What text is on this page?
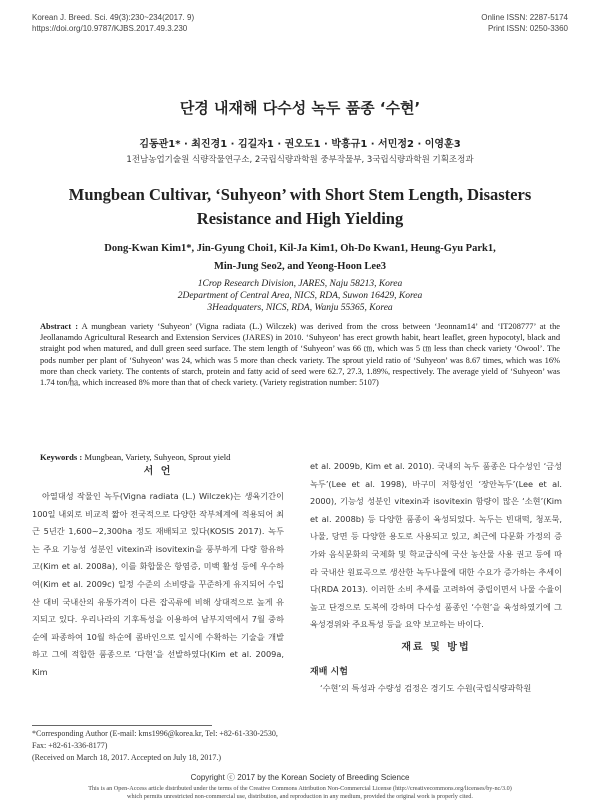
Korean J. Breed. Sci. 49(3):230~234(2017. 9)
https://doi.org/10.9787/KJBS.2017.49.3.230
Online ISSN: 2287-5174
Print ISSN: 0250-3360
단경 내재해 다수성 녹두 품종 ‘수현’
김동관1* · 최진경1 · 김길자1 · 권오도1 · 박흥규1 · 서민정2 · 이영훈3
1전남농업기술원 식량작물연구소, 2국립식량과학원 중부작물부, 3국립식량과학원 기획조정과
Mungbean Cultivar, ‘Suhyeon’ with Short Stem Length, Disasters Resistance and High Yielding
Dong-Kwan Kim1*, Jin-Gyung Choi1, Kil-Ja Kim1, Oh-Do Kwan1, Heung-Gyu Park1,
Min-Jung Seo2, and Yeong-Hoon Lee3
1Crop Research Division, JARES, Naju 58213, Korea
2Department of Central Area, NICS, RDA, Suwon 16429, Korea
3Headquaters, NICS, RDA, Wanju 55365, Korea
Abstract : A mungbean variety ‘Suhyeon’ (Vigna radiata (L.) Wilczek) was derived from the cross between ‘Jeonnam14’ and ‘IT208777’ at the Jeollanamdo Agricultural Research and Extension Services (JARES) in 2010. ‘Suhyeon’ has erect growth habit, heart leaflet, green hypocotyl, black and straight pod when matured, and dull green seed surface. The stem length of ‘Suhyeon’ was 66 ㎝, which was 5 ㎝ less than check variety ‘Owool’. The pods number per plant of ‘Suhyeon’ was 24, which was 5 more than check variety. The sprout yield ratio of ‘Suhyeon’ was 8.67 times, which was 16% more than check variety. The contents of starch, protein and fatty acid of seed were 62.7, 27.3, 1.89%, respectively. The average yield of ‘Suhyeon’ was 1.74 ton/㏊, which increased 8% more than that of check variety. (Variety registration number: 5107)
Keywords : Mungbean, Variety, Suhyeon, Sprout yield
서 언
아열대성 작물인 녹두(Vigna radiata (L.) Wilczek)는 생육기간이 100일 내외로 비교적 짧아 전국적으로 다양한 작부체계에 적용되어 최근 5년간 1,600~2,300ha 정도 재배되고 있다(KOSIS 2017). 녹두는 주요 기능성 성분인 vitexin과 isovitexin을 풍부하게 다량 함유하고(Kim et al. 2008a), 이를 화합물은 항염증, 미백 활성 등에 우수하여(Kim et al. 2009c) 일정 수준의 소비량을 꾸준하게 유지되어 수입산 대비 국내산의 유통가격이 다른 잡곡류에 비해 상대적으로 높게 유지되고 있다. 우리나라의 기후특성을 이용하여 남부지역에서 7월 중하순에 파종하여 10월 하순에 콤바인으로 일시에 수확하는 기술을 개발하고 그에 적합한 품종으로 ‘다현’을 선발하였다(Kim et al. 2009a, Kim
et al. 2009b, Kim et al. 2010). 국내의 녹두 품종은 다수성인 ‘금성녹두’(Lee et al. 1998), 바구미 저항성인 ‘장안녹두’(Lee et al. 2000), 기능성 성분인 vitexin과 isovitexin 함량이 많은 ‘소현’(Kim et al. 2008b) 등 다양한 품종이 육성되었다. 녹두는 빈대떡, 청포묵, 나물, 당면 등 다양한 용도로 사용되고 있고, 최근에 다문화 가정의 증가와 음식문화의 국제화 및 학교급식에 국산 농산물 사용 권고 등에 따라 국내산 원료곡으로 생산한 녹두나물에 대한 수요가 증가하는 추세이다(RDA 2013). 이러한 소비 추세를 고려하여 중립이면서 나물 수율이 높고 단경으로 도복에 강하며 다수성 품종인 ‘수현’을 육성하였기에 그 육성경위와 주요특성 등을 요약 보고하는 바이다.
재료 및 방법
재배 시험
‘수현’의 특성과 수량성 검정은 경기도 수원(국립식량과학원
*Corresponding Author (E-mail: kms1996@korea.kr, Tel: +82-61-330-2530, Fax: +82-61-336-8177)
(Received on March 18, 2017. Accepted on July 18, 2017.)
Copyright ⓒ 2017 by the Korean Society of Breeding Science
This is an Open-Access article distributed under the terms of the Creative Commons Attribution Non-Commercial License (http://creativecommons.org/licenses/by-nc/3.0)
which permits unrestricted non-commercial use, distribution, and reproduction in any medium, provided the original work is properly cited.
